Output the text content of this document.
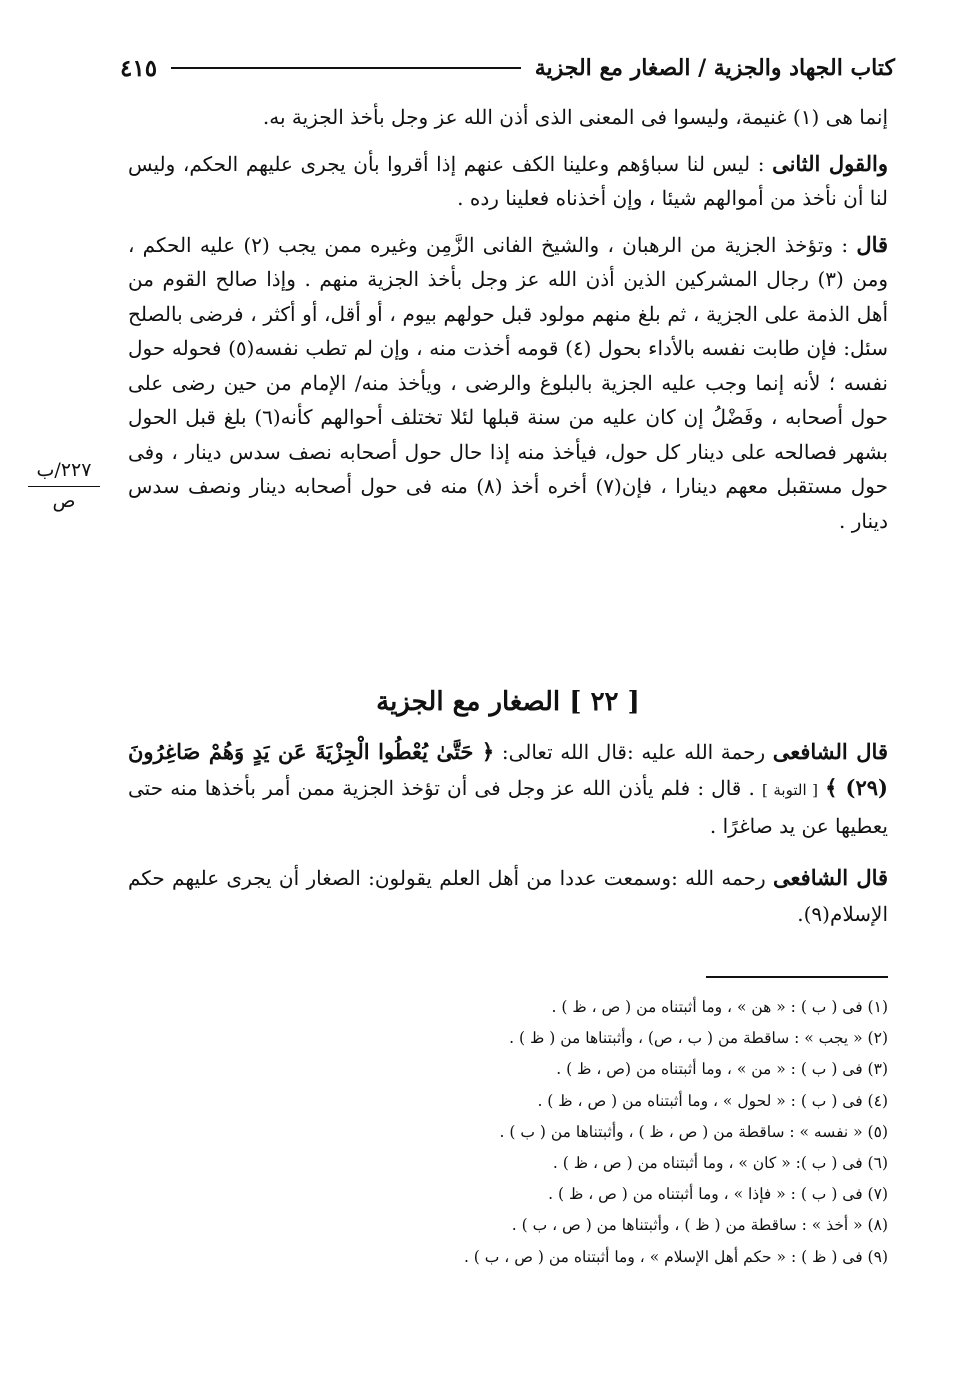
كتاب الجهاد والجزية / الصغار مع الجزية
٤١٥

إنما هى (١) غنيمة، وليسوا فى المعنى الذى أذن الله عز وجل بأخذ الجزية به.

والقول الثانى : ليس لنا سباؤهم وعلينا الكف عنهم إذا أقروا بأن يجرى عليهم الحكم، وليس لنا أن نأخذ من أموالهم شيئا ، وإن أخذناه فعلينا رده .

قال : وتؤخذ الجزية من الرهبان ، والشيخ الفانى الزَّمِن وغيره ممن يجب (٢) عليه الحكم ، ومن (٣) رجال المشركين الذين أذن الله عز وجل بأخذ الجزية منهم . وإذا صالح القوم من أهل الذمة على الجزية ، ثم بلغ منهم مولود قبل حولهم بيوم ، أو أقل، أو أكثر ، فرضى بالصلح سئل: فإن طابت نفسه بالأداء بحول (٤) قومه أخذت منه ، وإن لم تطب نفسه(٥) فحوله حول نفسه ؛ لأنه إنما وجب عليه الجزية بالبلوغ والرضى ، ويأخذ منه/ الإمام من حين رضى على حول أصحابه ، وفَضْلُ إن كان عليه من سنة قبلها لئلا تختلف أحوالهم كأنه(٦) بلغ قبل الحول بشهر فصالحه على دينار كل حول، فيأخذ منه إذا حال حول أصحابه نصف سدس دينار ، وفى حول مستقبل معهم دينارا ، فإن(٧) أخره أخذ (٨) منه فى حول أصحابه دينار ونصف سدس دينار .

٢٢٧/ب
ص
[ ٢٢ ] الصغار مع الجزية

قال الشافعى رحمة الله عليه :قال الله تعالى: ﴿ حَتَّىٰ يُعْطُوا الْجِزْيَةَ عَن يَدٍ وَهُمْ صَاغِرُونَ (٢٩) ﴾ [ التوبة ] . قال : فلم يأذن الله عز وجل فى أن تؤخذ الجزية ممن أمر بأخذها منه حتى يعطيها عن يد صاغرًا .

قال الشافعى رحمه الله :وسمعت عددا من أهل العلم يقولون: الصغار أن يجرى عليهم حكم الإسلام(٩).

(١) فى ( ب ) : « هن » ، وما أثبتناه من ( ص ، ظ ) .
(٢) « يجب » : ساقطة من ( ب ، ص) ، وأثبتناها من ( ظ ) .
(٣) فى ( ب ) : « من » ، وما أثبتناه من (ص ، ظ ) .
(٤) فى ( ب ) : « لحول » ، وما أثبتناه من ( ص ، ظ ) .
(٥) « نفسه » : ساقطة من ( ص ، ظ ) ، وأثبتناها من ( ب ) .
(٦) فى ( ب ): « كان » ، وما أثبتناه من ( ص ، ظ ) .
(٧) فى ( ب ) : « فإذا » ، وما أثبتناه من ( ص ، ظ ) .
(٨) « أخذ » : ساقطة من ( ظ ) ، وأثبتناها من ( ص ، ب ) .
(٩) فى ( ظ ) : « حكم أهل الإسلام » ، وما أثبتناه من ( ص ، ب ) .
